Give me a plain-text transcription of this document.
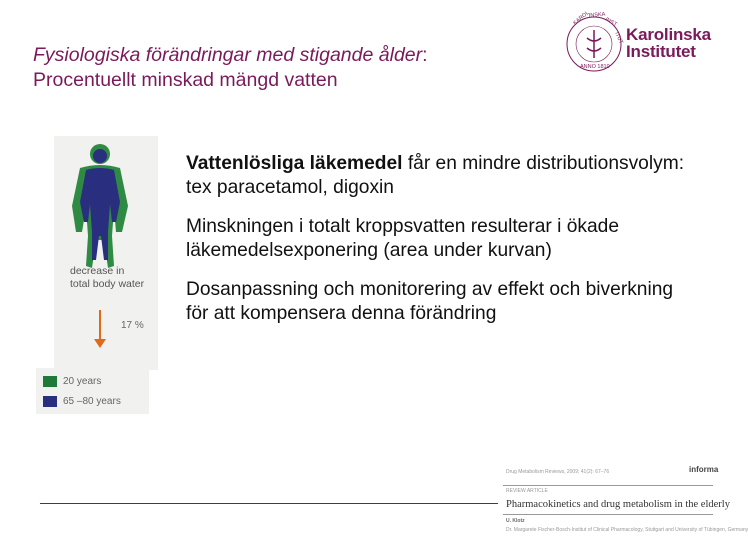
Fysiologiska förändringar med stigande ålder:
Procentuellt minskad mängd vatten
KAROL
INSKA
INST
ITUT
ANNO 1810
Karolinska
Institutet
decrease in
total body water
17 %
20 years
65 –80 years
Vattenlösliga läkemedel får en mindre distributionsvolym: tex paracetamol, digoxin
Minskningen i totalt kroppsvatten resulterar i ökade läkemedelsexponering (area under kurvan)
Dosanpassning och monitorering av effekt och biverkning för att kompensera denna förändring
Drug Metabolism Reviews, 2009; 41(2): 67–76	informa
REVIEW ARTICLE
Pharmacokinetics and drug metabolism in the elderly
U. Klotz
Dr. Margarete Fischer-Bosch-Institut of Clinical Pharmacology, Stuttgart and University of Tübingen, Germany
